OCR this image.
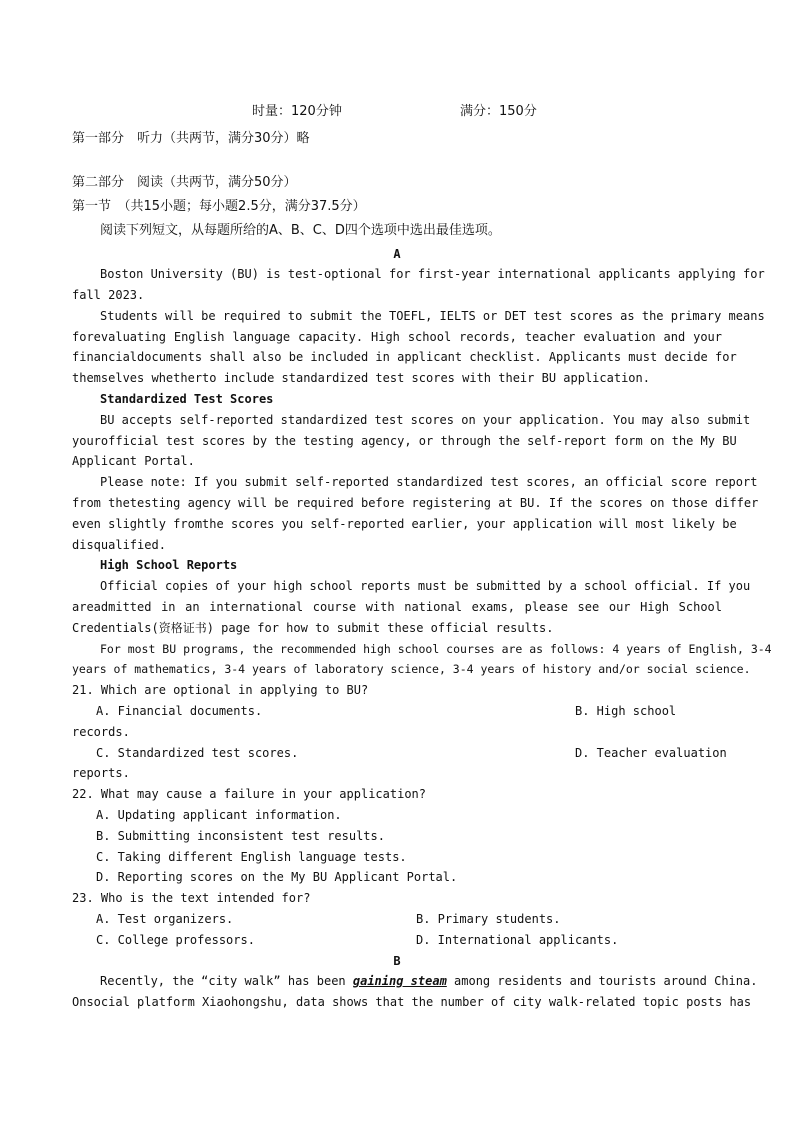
时量：120分钟	满分：150分
第一部分　听力（共两节，满分30分）略
第二部分　阅读（共两节，满分50分）
第一节　（共15小题；每小题2.5分，满分37.5分）
阅读下列短文，从每题所给的A、B、C、D四个选项中选出最佳选项。
A
Boston University (BU) is test-optional for first-year international applicants applying for
fall 2023.
Students will be required to submit the TOEFL, IELTS or DET test scores as the primary means
forevaluating English language capacity. High school records, teacher evaluation and your
financialdocuments shall also be included in applicant checklist. Applicants must decide for
themselves whetherto include standardized test scores with their BU application.
Standardized Test Scores
BU accepts self-reported standardized test scores on your application. You may also submit
yourofficial test scores by the testing agency, or through the self-report form on the My BU
Applicant Portal.
Please note: If you submit self-reported standardized test scores, an official score report
from thetesting agency will be required before registering at BU. If the scores on those differ
even slightly fromthe scores you self-reported earlier, your application will most likely be
disqualified.
High School Reports
Official copies of your high school reports must be submitted by a school official. If you
areadmitted in an international course with national exams, please see our High School
Credentials(资格证书) page for how to submit these official results.
For most BU programs, the recommended high school courses are as follows: 4 years of English, 3-4
years of mathematics, 3-4 years of laboratory science, 3-4 years of history and/or social science.
21. Which are optional in applying to BU?
A. Financial documents.	B. High school
records.
C. Standardized test scores.	D. Teacher evaluation
reports.
22. What may cause a failure in your application?
A. Updating applicant information.
B. Submitting inconsistent test results.
C. Taking different English language tests.
D. Reporting scores on the My BU Applicant Portal.
23. Who is the text intended for?
A. Test organizers.	B. Primary students.
C. College professors.	D. International applicants.
B
Recently, the “city walk” has been gaining steam among residents and tourists around China.
Onsocial platform Xiaohongshu, data shows that the number of city walk-related topic posts has
